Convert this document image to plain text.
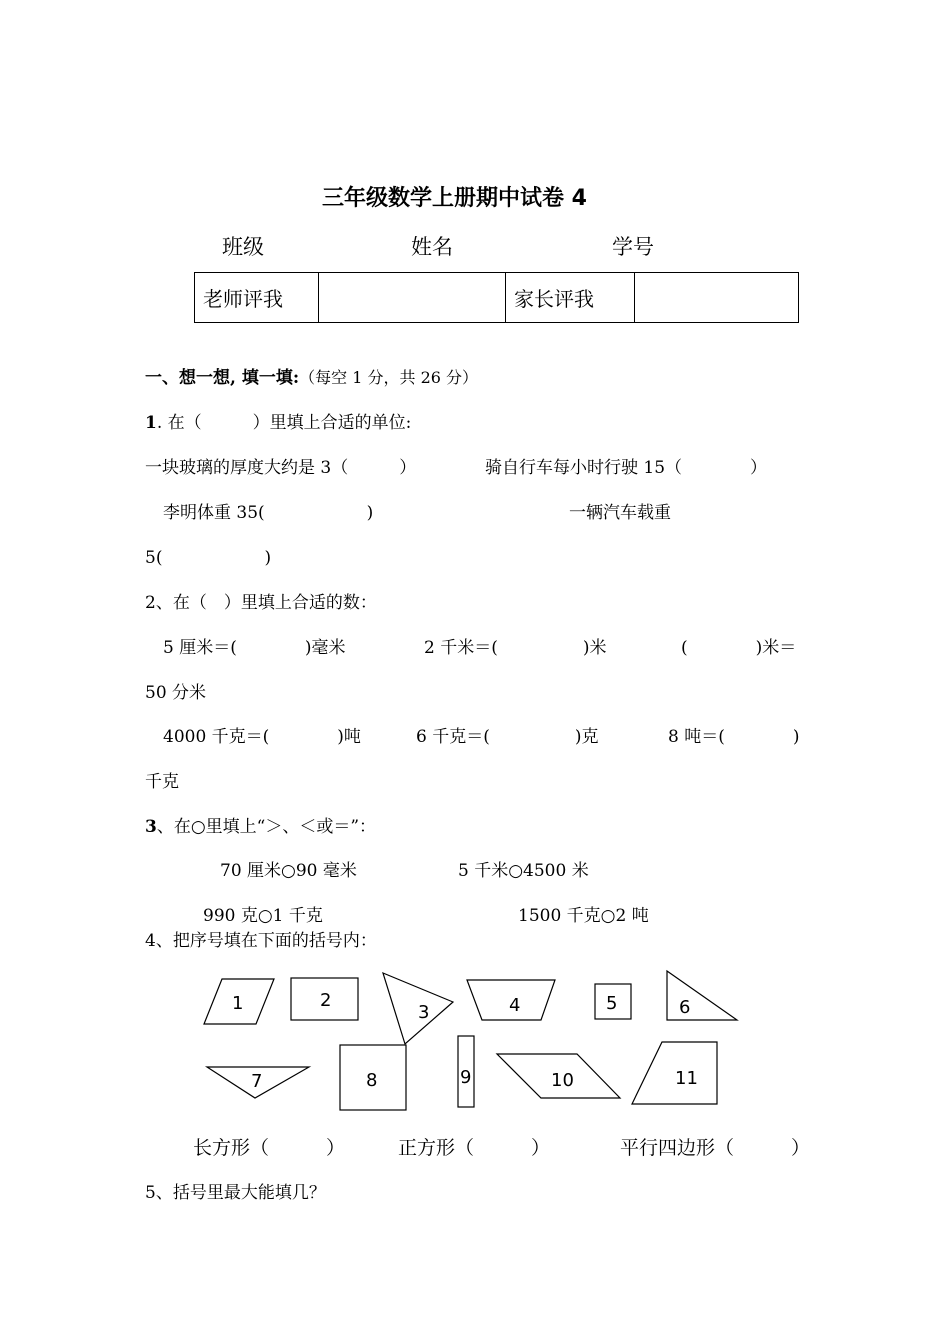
三年级数学上册期中试卷 4
班级	姓名	学号
老师评我		家长评我	
一、想一想, 填一填:（每空 1 分，共 26 分）
1. 在（　　　）里填上合适的单位:
一块玻璃的厚度大约是 3（　　　）	骑自行车每小时行驶 15（　　　　）
李明体重 35(　　　　　　)	一辆汽车载重
5(　　　　　　)
2、在（　）里填上合适的数：
5 厘米＝(　　　　)毫米	2 千米＝(　　　　　)米	(　　　　)米＝
50 分米
4000 千克＝(　　　　)吨	6 千克＝(　　　　　)克	8 吨＝(　　　　)
千克
3、在○里填上“＞、＜或＝”：
70 厘米○90 毫米	5 千米○4500 米
990 克○1 千克	1500 千克○2 吨
4、把序号填在下面的括号内：
1	2
3	4	5	6
7	8	9	10	11
长方形（　　　）	正方形（　　　）	平行四边形（　　　）
5、括号里最大能填几？
